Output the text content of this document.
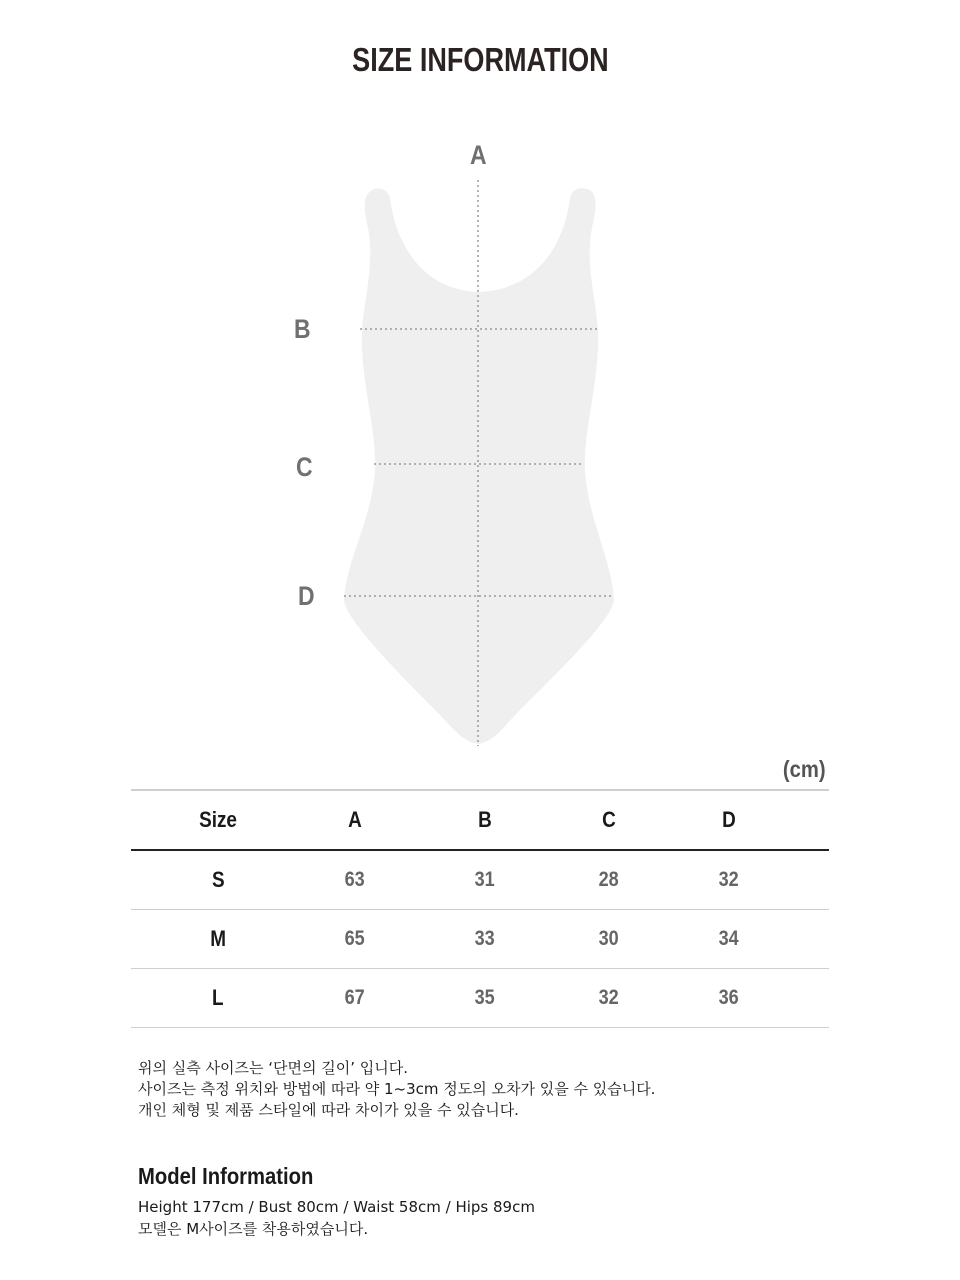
SIZE INFORMATION
A
B
C
D
(cm)
Size	A	B	C	D	
S	63	31	28	32	
M	65	33	30	34	
L	67	35	32	36	
위의 실측 사이즈는 ‘단면의 길이’ 입니다.
사이즈는 측정 위치와 방법에 따라 약 1~3cm 정도의 오차가 있을 수 있습니다.
개인 체형 및 제품 스타일에 따라 차이가 있을 수 있습니다.
Model Information
Height 177cm / Bust 80cm / Waist 58cm / Hips 89cm
모델은 M사이즈를 착용하였습니다.
